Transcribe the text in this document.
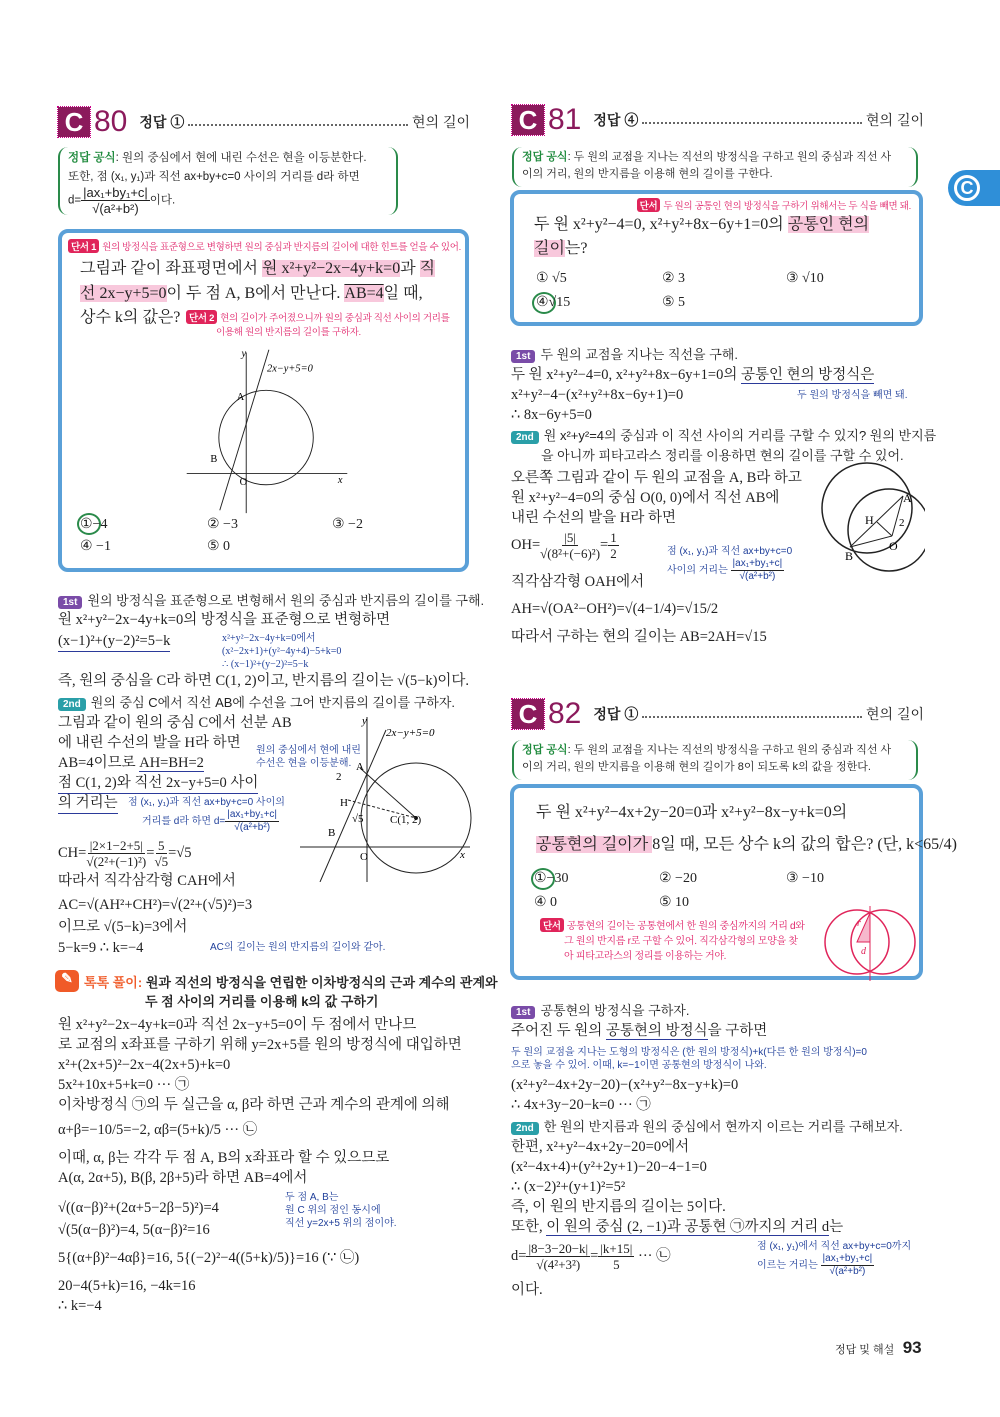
C
C 80 정답 ①	현의 길이
정답 공식: 원의 중심에서 현에 내린 수선은 현을 이등분한다.
또한, 점 (x₁, y₁)과 직선 ax+by+c=0 사이의 거리를 d라 하면
$d= \frac{\text{|ax₁+by₁+c|}}{\text{√(a²+b²)}}$ 이다.
단서 1 원의 방정식을 표준형으로 변형하면 원의 중심과 반지름의 길이에 대한 힌트를 얻을 수 있어.
그림과 같이 좌표평면에서 원 x²+y²−2x−4y+k=0과 직
선 2x−y+5=0이 두 점 A, B에서 만난다. AB=4일 때,
상수 k의 값은? 단서 2 현의 길이가 주어졌으니까 원의 중심과 직선 사이의 거리를
이용해 원의 반지름의 길이를 구하자.
y
x
O
A
B
2x−y+5=0
①−4	② −3	③ −2
④ −1	⑤ 0
1st 원의 방정식을 표준형으로 변형해서 원의 중심과 반지름의 길이를 구해.
원 x²+y²−2x−4y+k=0의 방정식을 표준형으로 변형하면
(x−1)²+(y−2)²=5−k	x²+y²−2x−4y+k=0에서
(x²−2x+1)+(y²−4y+4)−5+k=0
∴ (x−1)²+(y−2)²=5−k
즉, 원의 중심을 C라 하면 C(1, 2)이고, 반지름의 길이는 √(5−k)이다.
2nd 원의 중심 C에서 직선 AB에 수선을 그어 반지름의 길이를 구하자.
그림과 같이 원의 중심 C에서 선분 AB
에 내린 수선의 발을 H라 하면 원의 중심에서 현에 내린
수선은 현을 이등분해.
AB=4이므로 AH=BH=2
점 C(1, 2)와 직선 2x−y+5=0 사이
의 거리는 점 (x₁, y₁)과 직선 ax+by+c=0 사이의
거리를 d라 하면 $d= \frac{\text{|ax₁+by₁+c|}}{\text{√(a²+b²)}}$
$CH= \frac{|2\times 1-2+5|}{\text{√(2²+(−1)²)}} = \frac{5}{√5} =√5$
따라서 직각삼각형 CAH에서
AC=√(AH²+CH²)=√(2²+(√5)²)=3
이므로 √(5−k)=3에서
5−k=9 ∴ k=−4	AC의 길이는 원의 반지름의 길이와 같아.
y
x
O
A
B
H
C(1, 2)
2
√5
2x−y+5=0
✎ 톡톡 풀이: 원과 직선의 방정식을 연립한 이차방정식의 근과 계수의 관계와
두 점 사이의 거리를 이용해 k의 값 구하기
원 x²+y²−2x−4y+k=0과 직선 2x−y+5=0이 두 점에서 만나므
로 교점의 x좌표를 구하기 위해 y=2x+5를 원의 방정식에 대입하면
x²+(2x+5)²−2x−4(2x+5)+k=0
5x²+10x+5+k=0 ··· ㉠
이차방정식 ㉠의 두 실근을 α, β라 하면 근과 계수의 관계에 의해
α+β=−10/5=−2, αβ=(5+k)/5 ··· ㉡
이때, α, β는 각각 두 점 A, B의 x좌표라 할 수 있으므로
A(α, 2α+5), B(β, 2β+5)라 하면 AB=4에서
√((α−β)²+(2α+5−2β−5)²)=4
√(5(α−β)²)=4, 5(α−β)²=16
5{(α+β)²−4αβ}=16, 5{(−2)²−4((5+k)/5)}=16 (∵ ㉡)
20−4(5+k)=16, −4k=16
∴ k=−4
두 점 A, B는
원 C 위의 점인 동시에
직선 y=2x+5 위의 점이야.
C 81 정답 ④	현의 길이
정답 공식: 두 원의 교점을 지나는 직선의 방정식을 구하고 원의 중심과 직선 사
이의 거리, 원의 반지름을 이용해 현의 길이를 구한다.
단서 두 원의 공통인 현의 방정식을 구하기 위해서는 두 식을 빼면 돼.
두 원 x²+y²−4=0, x²+y²+8x−6y+1=0의 공통인 현의
길이는?
① √5	② 3	③ √10
④√15	⑤ 5
1st 두 원의 교점을 지나는 직선을 구해.
두 원 x²+y²−4=0, x²+y²+8x−6y+1=0의 공통인 현의 방정식은
x²+y²−4−(x²+y²+8x−6y+1)=0	두 원의 방정식을 빼면 돼.
∴ 8x−6y+5=0
2nd 원 x²+y²=4의 중심과 이 직선 사이의 거리를 구할 수 있지? 원의 반지름
을 아니까 피타고라스 정리를 이용하면 현의 길이를 구할 수 있어.
오른쪽 그림과 같이 두 원의 교점을 A, B라 하고
원 x²+y²−4=0의 중심 O(0, 0)에서 직선 AB에
내린 수선의 발을 H라 하면
$OH= \frac{|5|}{\text{√(8²+(−6)²)}} = \frac{1}{2}$	점 (x₁, y₁)과 직선 ax+by+c=0
사이의 거리는 $\frac{\text{|ax₁+by₁+c|}}{\text{√(a²+b²)}}$
직각삼각형 OAH에서
AH=√(OA²−OH²)=√(4−1/4)=√15/2
따라서 구하는 현의 길이는 AB=2AH=√15
A
B
H
O
2
C 82 정답 ①	현의 길이
정답 공식: 두 원의 교점을 지나는 직선의 방정식을 구하고 원의 중심과 직선 사
이의 거리, 원의 반지름을 이용해 현의 길이가 8이 되도록 k의 값을 정한다.
두 원 x²+y²−4x+2y−20=0과 x²+y²−8x−y+k=0의
공통현의 길이가 8일 때, 모든 상수 k의 값의 합은? (단, k<65/4)
①−30	② −20	③ −10
④ 0	⑤ 10
단서 공통현의 길이는 공통현에서 한 원의 중심까지의 거리 d와
그 원의 반지름 r로 구할 수 있어. 직각삼각형의 모양을 찾
아 피타고라스의 정리를 이용하는 거야.
r
d
1st 공통현의 방정식을 구하자.
주어진 두 원의 공통현의 방정식을 구하면
두 원의 교점을 지나는 도형의 방정식은 (한 원의 방정식)+k(다른 한 원의 방정식)=0
으로 놓을 수 있어. 이때, k=−1이면 공통현의 방정식이 나와.
(x²+y²−4x+2y−20)−(x²+y²−8x−y+k)=0
∴ 4x+3y−20−k=0 ··· ㉠
2nd 한 원의 반지름과 원의 중심에서 현까지 이르는 거리를 구해보자.
한편, x²+y²−4x+2y−20=0에서
(x²−4x+4)+(y²+2y+1)−20−4−1=0
∴ (x−2)²+(y+1)²=5²
즉, 이 원의 반지름의 길이는 5이다.
또한, 이 원의 중심 (2, −1)과 공통현 ㉠까지의 거리 d는
$d= \frac{|8-3-20-k|}{\text{√(4²+3²)}} = \frac{|k+15|}{5}$ ··· ㉡
점 (x₁, y₁)에서 직선 ax+by+c=0까지
이르는 거리는 $\frac{\text{|ax₁+by₁+c|}}{\text{√(a²+b²)}}$
이다.
정답 및 해설 93
